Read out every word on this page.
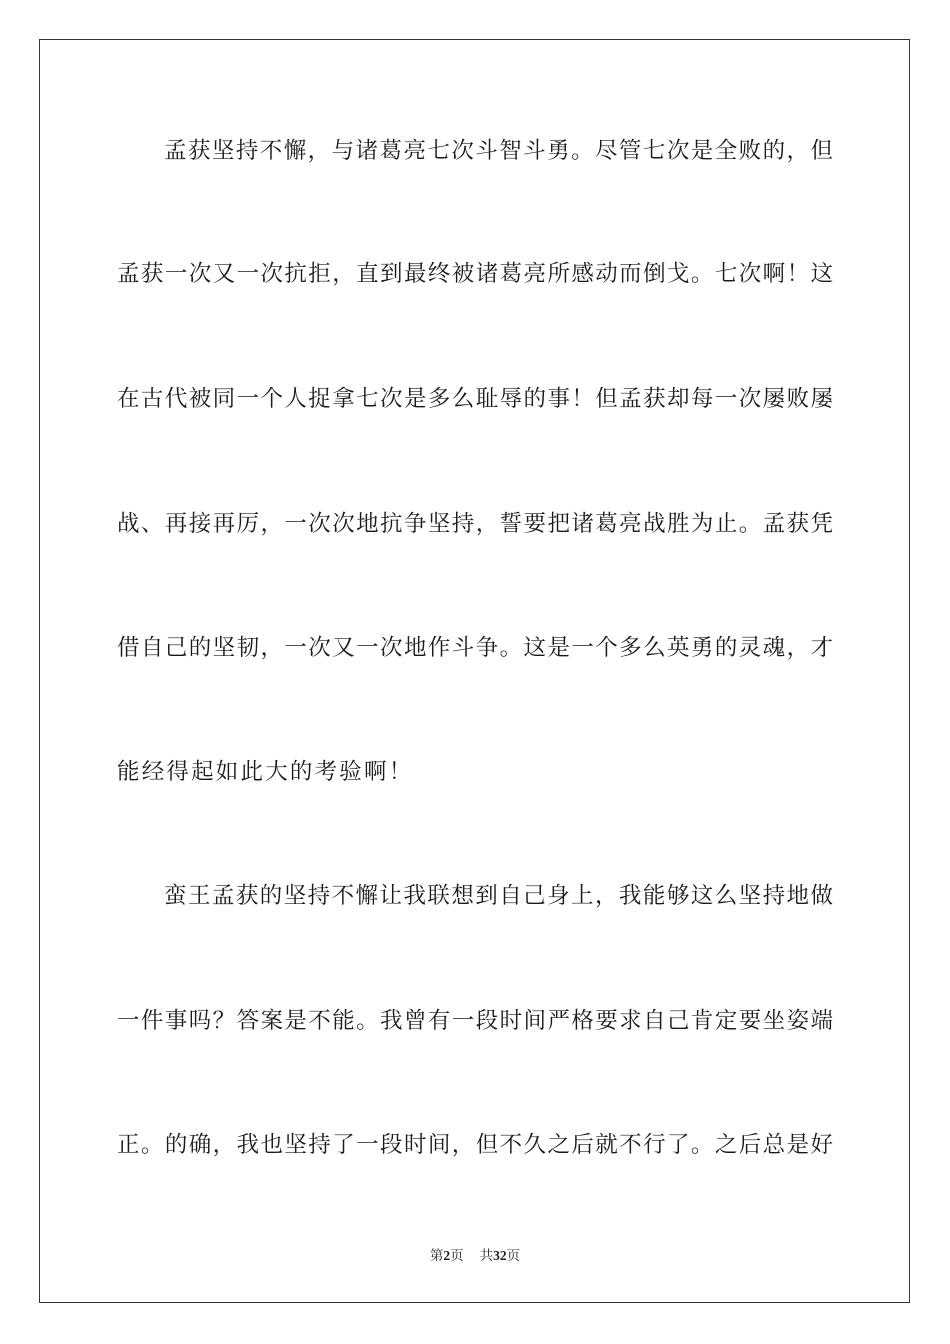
孟获坚持不懈，与诸葛亮七次斗智斗勇。尽管七次是全败的，但
孟获一次又一次抗拒，直到最终被诸葛亮所感动而倒戈。七次啊！这
在古代被同一个人捉拿七次是多么耻辱的事！但孟获却每一次屡败屡
战、再接再厉，一次次地抗争坚持，誓要把诸葛亮战胜为止。孟获凭
借自己的坚韧，一次又一次地作斗争。这是一个多么英勇的灵魂，才
能经得起如此大的考验啊！
蛮王孟获的坚持不懈让我联想到自己身上，我能够这么坚持地做
一件事吗？答案是不能。我曾有一段时间严格要求自己肯定要坐姿端
正。的确，我也坚持了一段时间，但不久之后就不行了。之后总是好
第2页 共32页
